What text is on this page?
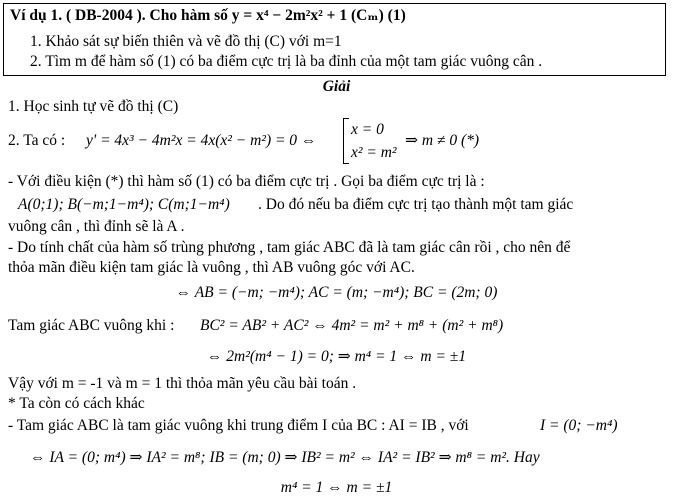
Ví dụ 1. ( DB-2004 ). Cho hàm số y = x⁴ − 2m²x² + 1 (Cₘ) (1)
1. Khảo sát sự biến thiên và vẽ đồ thị (C) với m=1
2. Tìm m để hàm số (1) có ba điểm cực trị là ba đỉnh của một tam giác vuông cân .
Giải
1. Học sinh tự vẽ đồ thị (C)
2. Ta có : y' = 4x³ − 4m²x = 4x(x² − m²) = 0 ⇔
x = 0
x² = m²
⇒ m ≠ 0 (*)
- Với điều kiện (*) thì hàm số (1) có ba điểm cực trị . Gọi ba điểm cực trị là :
A(0;1); B(−m;1−m⁴); C(m;1−m⁴) . Do đó nếu ba điểm cực trị tạo thành một tam giác
vuông cân , thì đỉnh sẽ là A .
- Do tính chất của hàm số trùng phương , tam giác ABC đã là tam giác cân rồi , cho nên để
thỏa mãn điều kiện tam giác là vuông , thì AB vuông góc với AC.
⇔ AB = (−m; −m⁴); AC = (m; −m⁴); BC = (2m; 0)
Tam giác ABC vuông khi : BC² = AB² + AC² ⇔ 4m² = m² + m⁸ + (m² + m⁸)
⇔ 2m²(m⁴ − 1) = 0; ⇒ m⁴ = 1 ⇔ m = ±1
Vậy với m = -1 và m = 1 thì thỏa mãn yêu cầu bài toán .
* Ta còn có cách khác
- Tam giác ABC là tam giác vuông khi trung điểm I của BC : AI = IB , với	I = (0; −m⁴)
⇔ IA = (0; m⁴) ⇒ IA² = m⁸; IB = (m; 0) ⇒ IB² = m² ⇔ IA² = IB² ⇒ m⁸ = m². Hay
m⁴ = 1 ⇔ m = ±1
